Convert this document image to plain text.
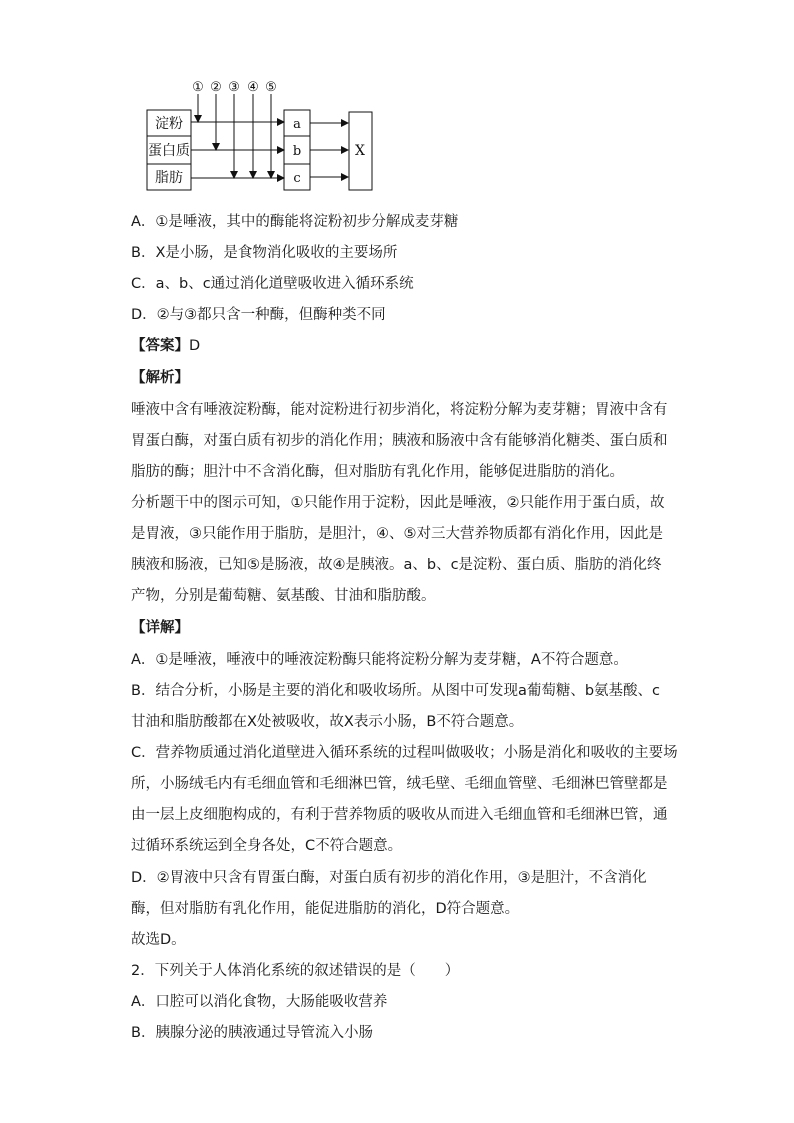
淀粉
蛋白质
脂肪
a
b
c
X
① ② ③ ④ ⑤
A．①是唾液，其中的酶能将淀粉初步分解成麦芽糖
B．X是小肠，是食物消化吸收的主要场所
C．a、b、c通过消化道壁吸收进入循环系统
D．②与③都只含一种酶，但酶种类不同
【答案】D
【解析】
唾液中含有唾液淀粉酶，能对淀粉进行初步消化，将淀粉分解为麦芽糖；胃液中含有
胃蛋白酶，对蛋白质有初步的消化作用；胰液和肠液中含有能够消化糖类、蛋白质和
脂肪的酶；胆汁中不含消化酶，但对脂肪有乳化作用，能够促进脂肪的消化。
分析题干中的图示可知，①只能作用于淀粉，因此是唾液，②只能作用于蛋白质，故
是胃液，③只能作用于脂肪，是胆汁，④、⑤对三大营养物质都有消化作用，因此是
胰液和肠液，已知⑤是肠液，故④是胰液。a、b、c是淀粉、蛋白质、脂肪的消化终
产物，分别是葡萄糖、氨基酸、甘油和脂肪酸。
【详解】
A．①是唾液，唾液中的唾液淀粉酶只能将淀粉分解为麦芽糖，A不符合题意。
B．结合分析，小肠是主要的消化和吸收场所。从图中可发现a葡萄糖、b氨基酸、c
甘油和脂肪酸都在X处被吸收，故X表示小肠，B不符合题意。
C．营养物质通过消化道壁进入循环系统的过程叫做吸收；小肠是消化和吸收的主要场
所，小肠绒毛内有毛细血管和毛细淋巴管，绒毛壁、毛细血管壁、毛细淋巴管壁都是
由一层上皮细胞构成的，有利于营养物质的吸收从而进入毛细血管和毛细淋巴管，通
过循环系统运到全身各处，C不符合题意。
D．②胃液中只含有胃蛋白酶，对蛋白质有初步的消化作用，③是胆汁，不含消化
酶，但对脂肪有乳化作用，能促进脂肪的消化，D符合题意。
故选D。
2．下列关于人体消化系统的叙述错误的是（　　）
A．口腔可以消化食物，大肠能吸收营养
B．胰腺分泌的胰液通过导管流入小肠
